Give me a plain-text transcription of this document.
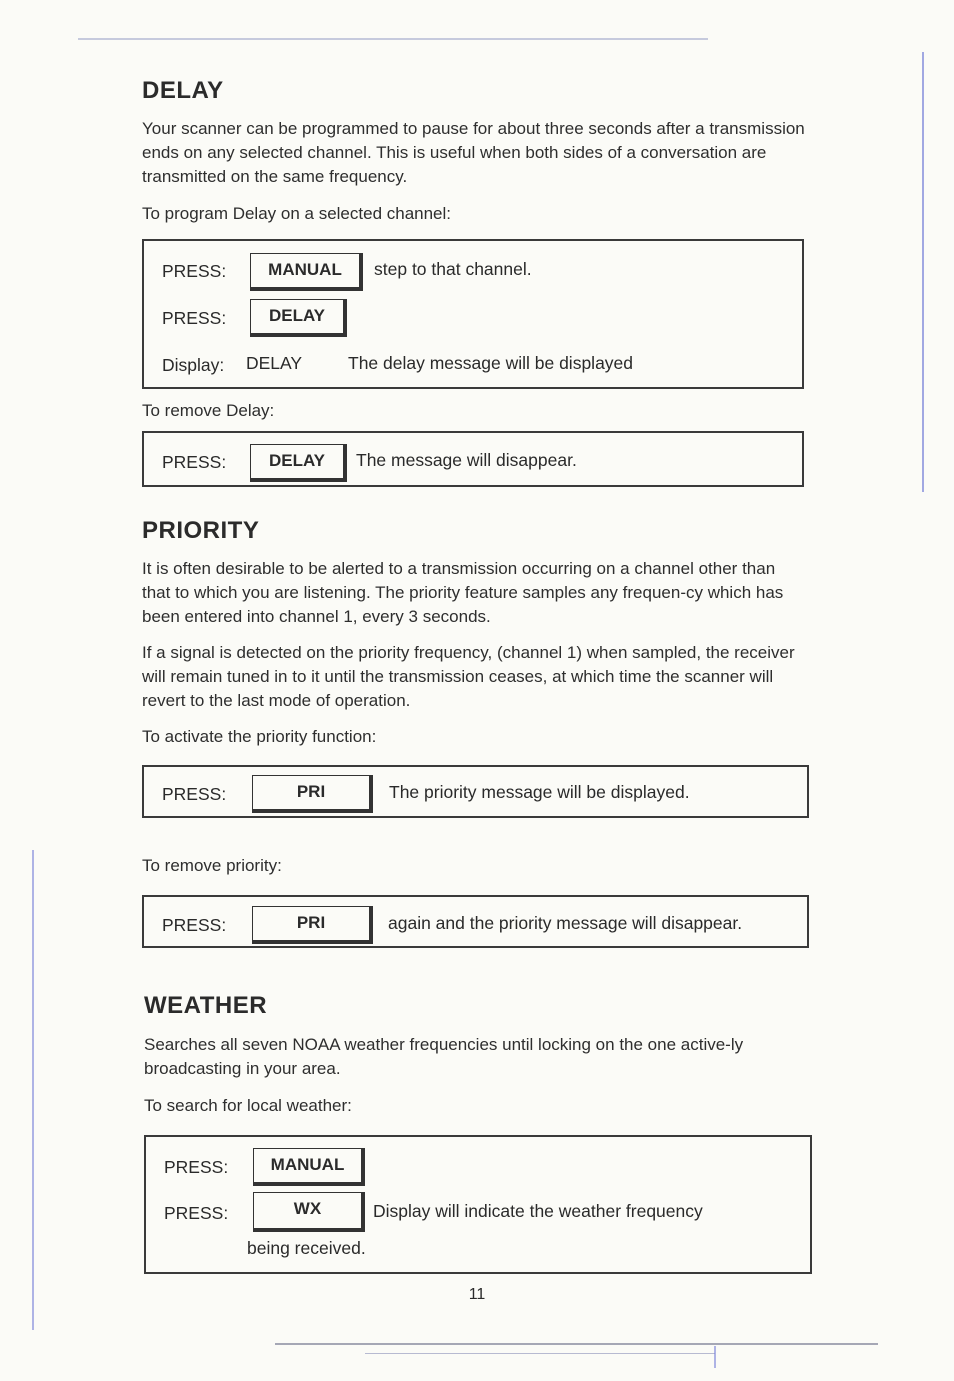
DELAY

Your scanner can be programmed to pause for about three seconds after a transmission ends on any selected channel. This is useful when both sides of a conversation are transmitted on the same frequency.

To program Delay on a selected channel:

PRESS:	MANUAL	step to that channel.
PRESS:	DELAY
Display: DELAY	The delay message will be displayed

To remove Delay:

PRESS:	DELAY	The message will disappear.
PRIORITY

It is often desirable to be alerted to a transmission occurring on a channel other than that to which you are listening. The priority feature samples any frequen-cy which has been entered into channel 1, every 3 seconds.

If a signal is detected on the priority frequency, (channel 1) when sampled, the receiver will remain tuned in to it until the transmission ceases, at which time the scanner will revert to the last mode of operation.

To activate the priority function:

PRESS:	PRI	The priority message will be displayed.

To remove priority:

PRESS:	PRI	again and the priority message will disappear.
WEATHER

Searches all seven NOAA weather frequencies until locking on the one active-ly broadcasting in your area.

To search for local weather:

PRESS:	MANUAL
PRESS:	WX	Display will indicate the weather frequency
being received.
11
